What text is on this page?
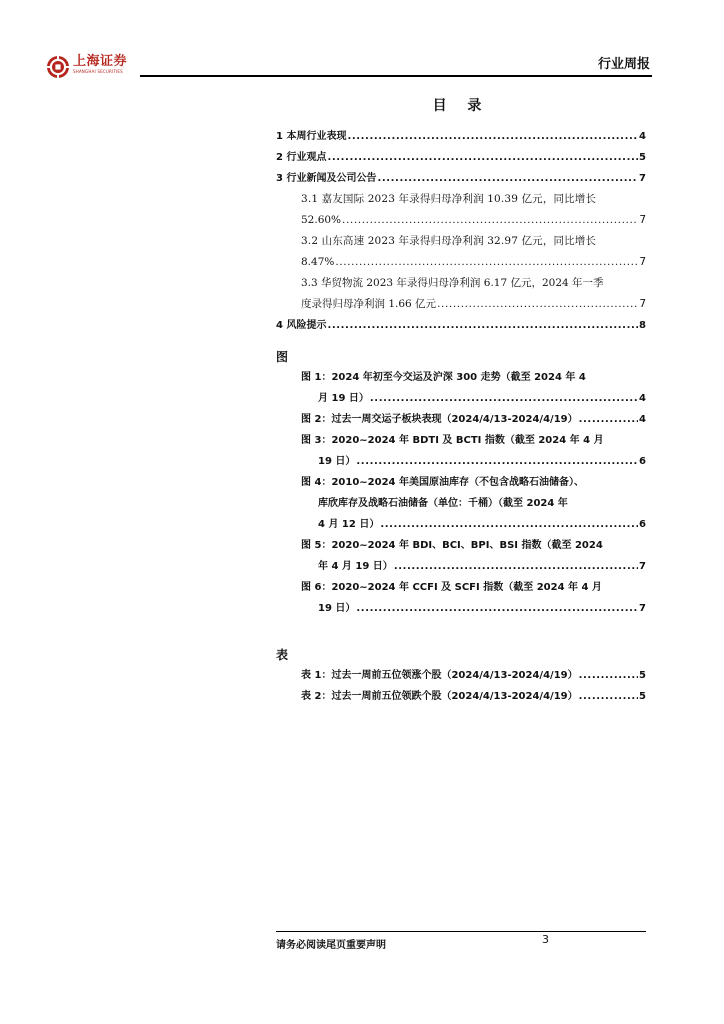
上海证券
SHANGHAI SECURITIES	行业周报
目 录
1 本周行业表现 .....	4
2 行业观点 .....	5
3 行业新闻及公司公告 .....	7
3.1 嘉友国际 2023 年录得归母净利润 10.39 亿元，同比增长
52.60% .....	7
3.2 山东高速 2023 年录得归母净利润 32.97 亿元，同比增长
8.47% .....	7
3.3 华贸物流 2023 年录得归母净利润 6.17 亿元，2024 年一季
度录得归母净利润 1.66 亿元 .....	7
4 风险提示 .....	8
图
图 1：2024 年初至今交运及沪深 300 走势（截至 2024 年 4
月 19 日） .....	4
图 2：过去一周交运子板块表现（2024/4/13-2024/4/19） .....	4
图 3：2020~2024 年 BDTI 及 BCTI 指数（截至 2024 年 4 月
19 日） .....	6
图 4：2010~2024 年美国原油库存（不包含战略石油储备）、
库欣库存及战略石油储备（单位：千桶）（截至 2024 年
4 月 12 日） .....	6
图 5：2020~2024 年 BDI、BCI、BPI、BSI 指数（截至 2024
年 4 月 19 日） .....	7
图 6：2020~2024 年 CCFI 及 SCFI 指数（截至 2024 年 4 月
19 日） .....	7
表
表 1：过去一周前五位领涨个股（2024/4/13-2024/4/19） .....	5
表 2：过去一周前五位领跌个股（2024/4/13-2024/4/19） .....	5
请务必阅读尾页重要声明	3
